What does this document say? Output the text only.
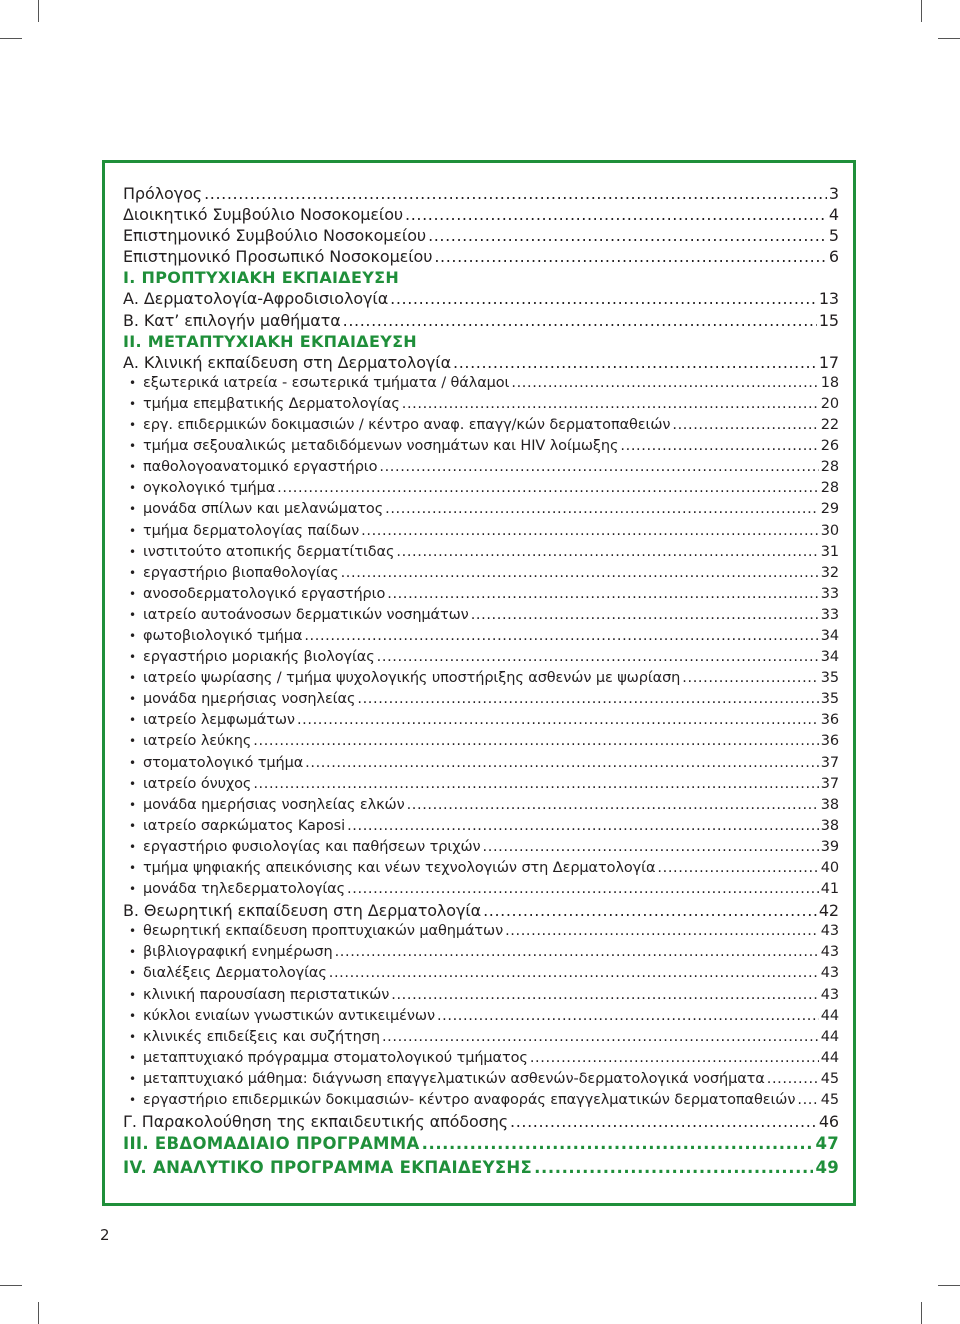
Πρόλογος .....	3
Διοικητικό Συμβούλιο Νοσοκομείου .....	4
Επιστημονικό Συμβούλιο Νοσοκομείου .....	5
Επιστημονικό Προσωπικό Νοσοκομείου .....	6
Ι. ΠΡΟΠΤΥΧΙΑΚΗ ΕΚΠΑΙΔΕΥΣΗ
Α. Δερματολογία-Αφροδισιολογία .....	13
Β. Κατ’ επιλογήν μαθήματα .....	15
ΙΙ. ΜΕΤΑΠΤΥΧΙΑΚΗ ΕΚΠΑΙΔΕΥΣΗ
Α. Κλινική εκπαίδευση στη Δερματολογία .....	17
• εξωτερικά ιατρεία - εσωτερικά τμήματα / θάλαμοι .....	18
• τμήμα επεμβατικής Δερματολογίας .....	20
• εργ. επιδερμικών δοκιμασιών / κέντρο αναφ. επαγγ/κών δερματοπαθειών .....	22
• τμήμα σεξουαλικώς μεταδιδόμενων νοσημάτων και HIV λοίμωξης .....	26
• παθολογοανατομικό εργαστήριο .....	28
• ογκολογικό τμήμα .....	28
• μονάδα σπίλων και μελανώματος .....	29
• τμήμα δερματολογίας παίδων .....	30
• ινστιτούτο ατοπικής δερματίτιδας .....	31
• εργαστήριο βιοπαθολογίας .....	32
• ανοσοδερματολογικό εργαστήριο .....	33
• ιατρείο αυτοάνοσων δερματικών νοσημάτων .....	33
• φωτοβιολογικό τμήμα .....	34
• εργαστήριο μοριακής βιολογίας .....	34
• ιατρείο ψωρίασης / τμήμα ψυχολογικής υποστήριξης ασθενών με ψωρίαση .....	35
• μονάδα ημερήσιας νοσηλείας .....	35
• ιατρείο λεμφωμάτων .....	36
• ιατρείο λεύκης .....	36
• στοματολογικό τμήμα .....	37
• ιατρείο όνυχος .....	37
• μονάδα ημερήσιας νοσηλείας ελκών .....	38
• ιατρείο σαρκώματος Kaposi .....	38
• εργαστήριο φυσιολογίας και παθήσεων τριχών .....	39
• τμήμα ψηφιακής απεικόνισης και νέων τεχνολογιών στη Δερματολογία .....	40
• μονάδα τηλεδερματολογίας .....	41
Β. Θεωρητική εκπαίδευση στη Δερματολογία .....	42
• θεωρητική εκπαίδευση προπτυχιακών μαθημάτων .....	43
• βιβλιογραφική ενημέρωση .....	43
• διαλέξεις Δερματολογίας .....	43
• κλινική παρουσίαση περιστατικών .....	43
• κύκλοι ενιαίων γνωστικών αντικειμένων .....	44
• κλινικές επιδείξεις και συζήτηση .....	44
• μεταπτυχιακό πρόγραμμα στοματολογικού τμήματος .....	44
• μεταπτυχιακό μάθημα: διάγνωση επαγγελματικών ασθενών-δερματολογικά νοσήματα .....	45
• εργαστήριο επιδερμικών δοκιμασιών- κέντρο αναφοράς επαγγελματικών δερματοπαθειών ..... 45
Γ. Παρακολούθηση της εκπαιδευτικής απόδοσης .....	46
ΙΙΙ. ΕΒΔΟΜΑΔΙΑΙΟ ΠΡΟΓΡΑΜΜΑ .....	47
ΙV. ΑΝΑΛΥΤΙΚΟ ΠΡΟΓΡΑΜΜΑ ΕΚΠΑΙΔΕΥΣΗΣ .....	49
2
